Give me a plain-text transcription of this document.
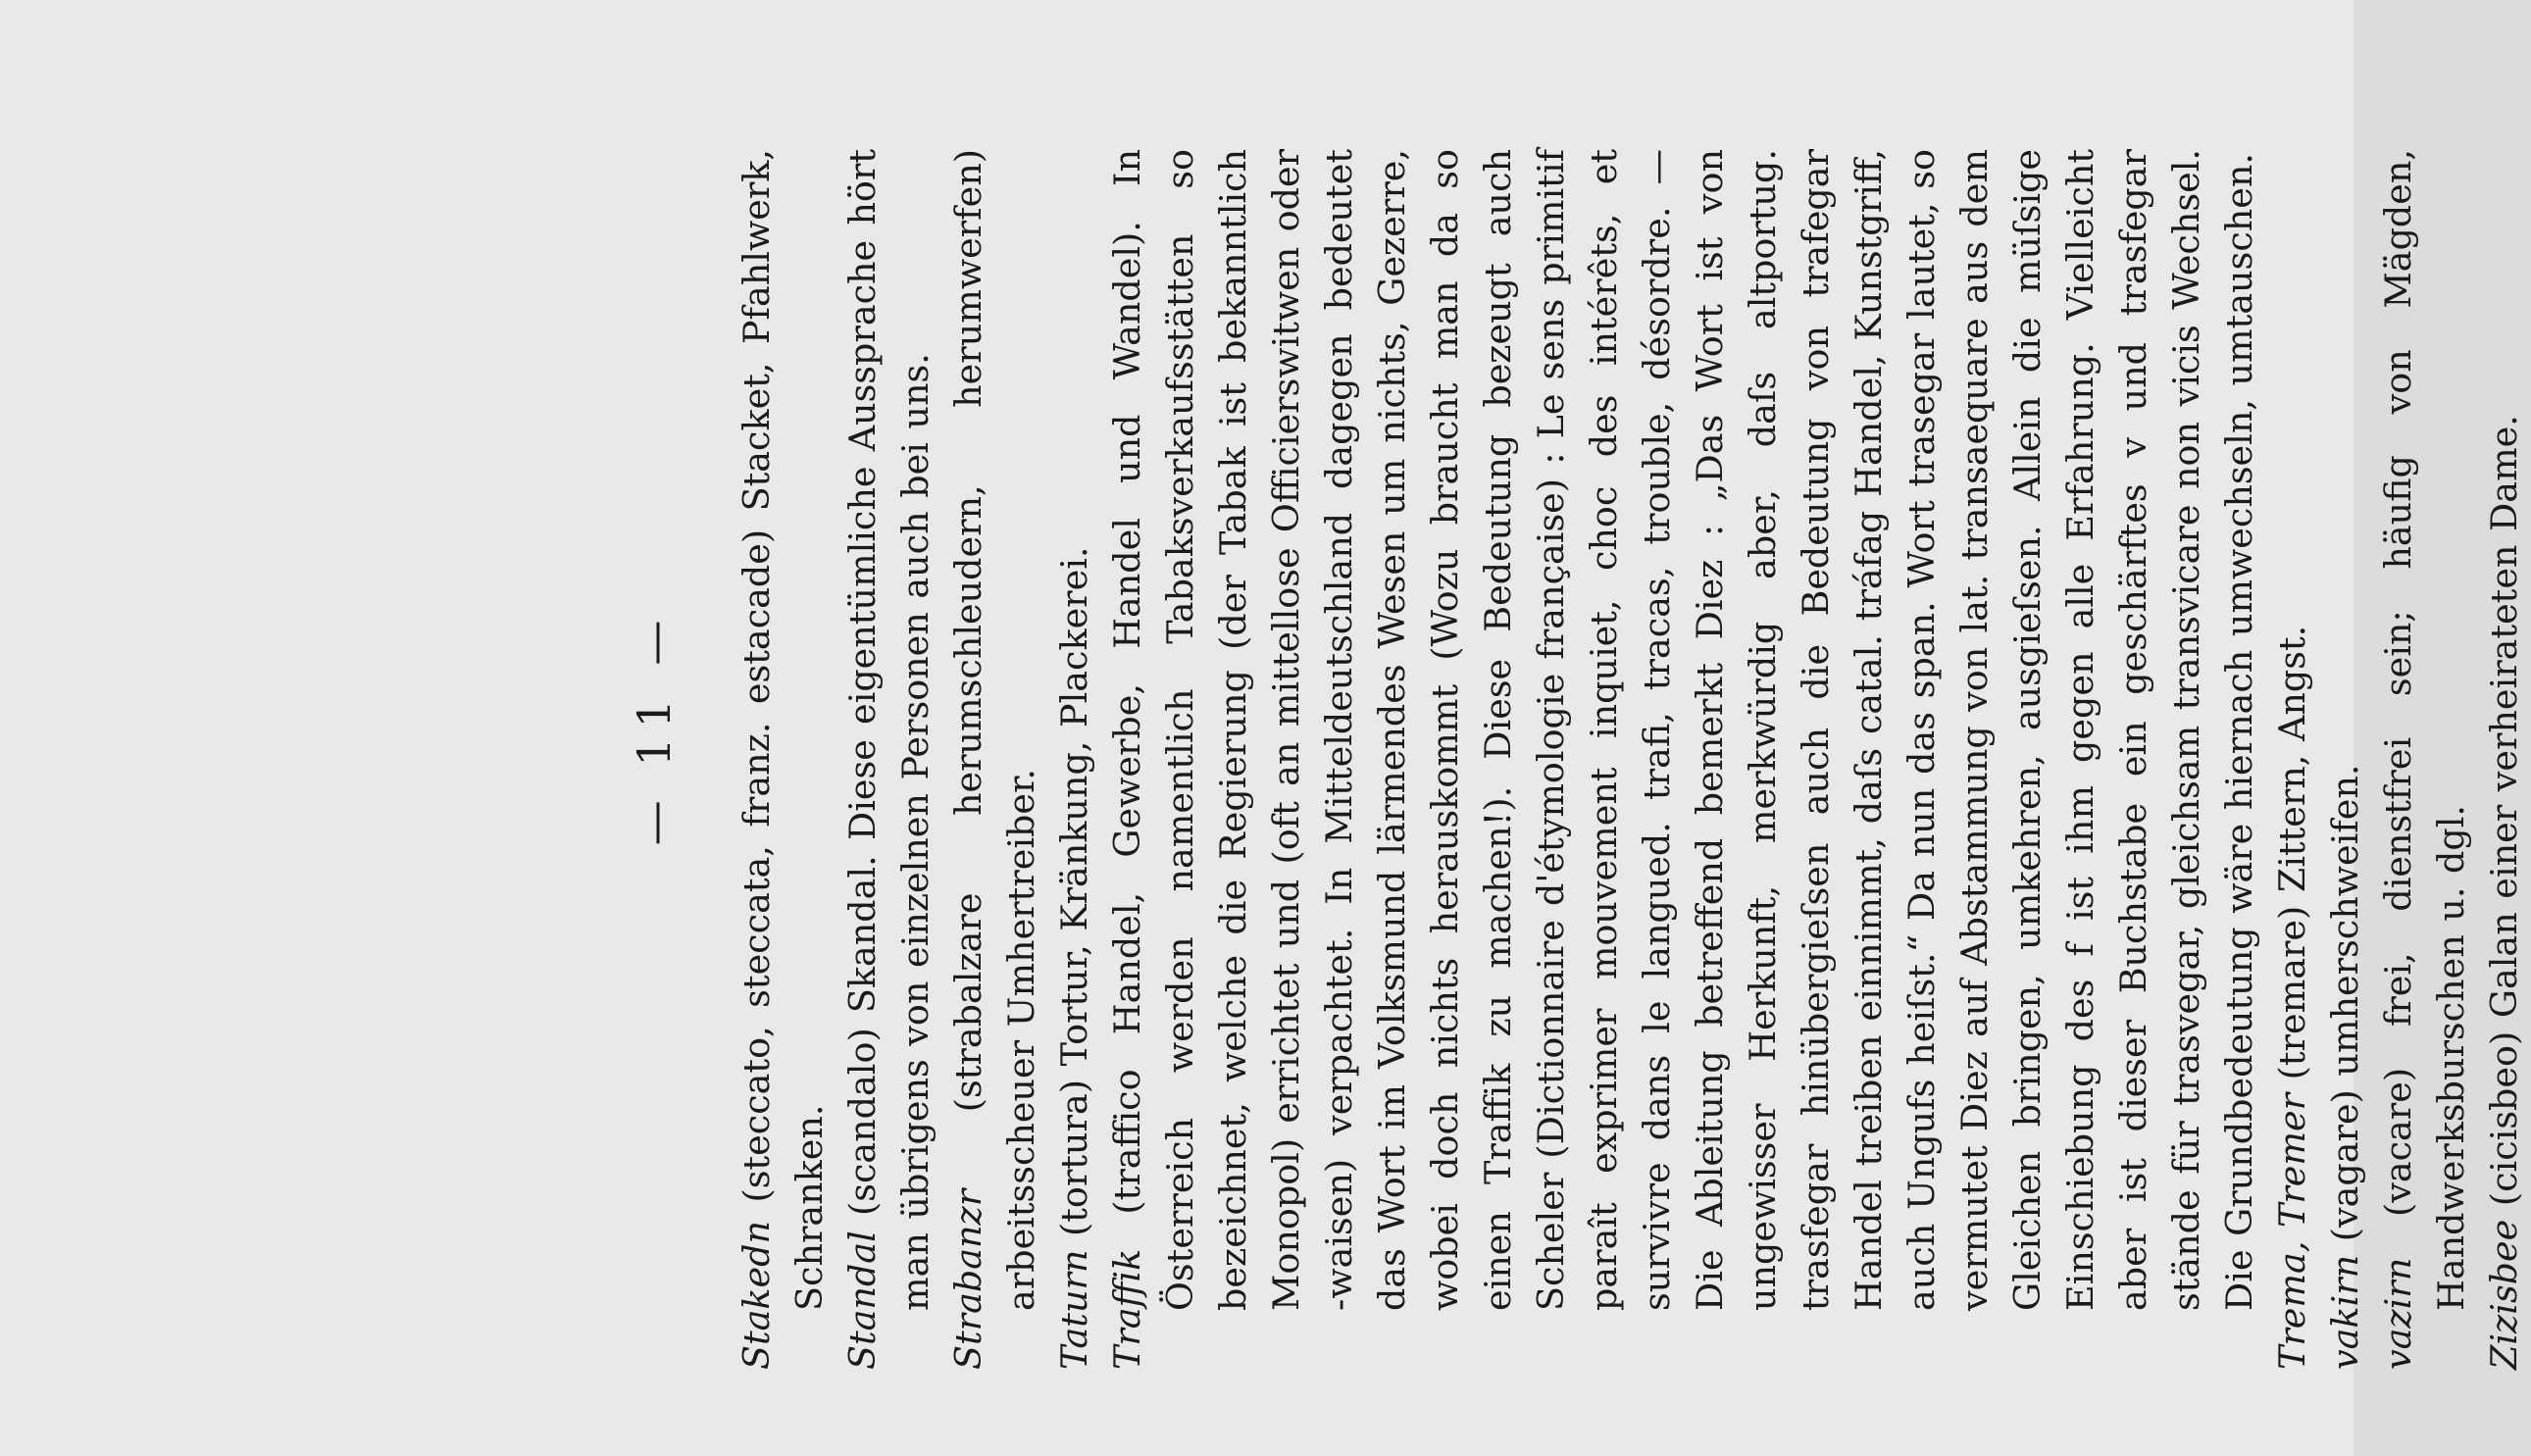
— 11 —

Stakedn (steccato, steccata, franz. estacade) Stacket, Pfahlwerk, Schranken. Standal (scandalo) Skandal. Diese eigentümliche Aussprache hört man übrigens von einzelnen Personen auch bei uns. Strabanzr (strabalzare herumschleudern, herumwerfen) arbeitsscheuer Umhertreiber. Taturn (tortura) Tortur, Kränkung, Plackerei.

Traffik (traffico Handel, Gewerbe, Handel und Wandel). In Österreich werden namentlich Tabaksverkaufsstätten so bezeichnet, welche die Regierung (der Tabak ist bekanntlich Monopol) errichtet und (oft an mittellose Officierswitwen oder -waisen) verpachtet. In Mitteldeutschland dagegen bedeutet das Wort im Volksmund lärmendes Wesen um nichts, Gezerre, wobei doch nichts herauskommt (Wozu braucht man da so einen Traffik zu machen!). Diese Bedeutung bezeugt auch Scheler (Dictionnaire d'étymologie française) : Le sens primitif paraît exprimer mouvement inquiet, choc des intérêts, et survivre dans le langued. trafi, tracas, trouble, désordre. — Die Ableitung betreffend bemerkt Diez : „Das Wort ist von ungewisser Herkunft, merkwürdig aber, daſs altportug. trasfegar hinübergieſsen auch die Bedeutung von trafegar Handel treiben einnimmt, daſs catal. tráfag Handel, Kunstgriff, auch Ungufs heiſst.“ Da nun das span. Wort trasegar lautet, so vermutet Diez auf Abstammung von lat. transaequare aus dem Gleichen bringen, umkehren, ausgieſsen. Allein die müſsige Einschiebung des f ist ihm gegen alle Erfahrung. Vielleicht aber ist dieser Buchstabe ein geschärftes v und trasfegar stände für trasvegar, gleichsam transvicare non vicis Wechsel. Die Grundbedeutung wäre hiernach umwechseln, umtauschen. Trema, Tremer (tremare) Zittern, Angst.

vakirn (vagare) umherschweifen.

vazirn (vacare) frei, dienstfrei sein; häufig von Mägden, Handwerksburschen u. dgl. Zizisbee (cicisbeo) Galan einer verheirateten Dame.
